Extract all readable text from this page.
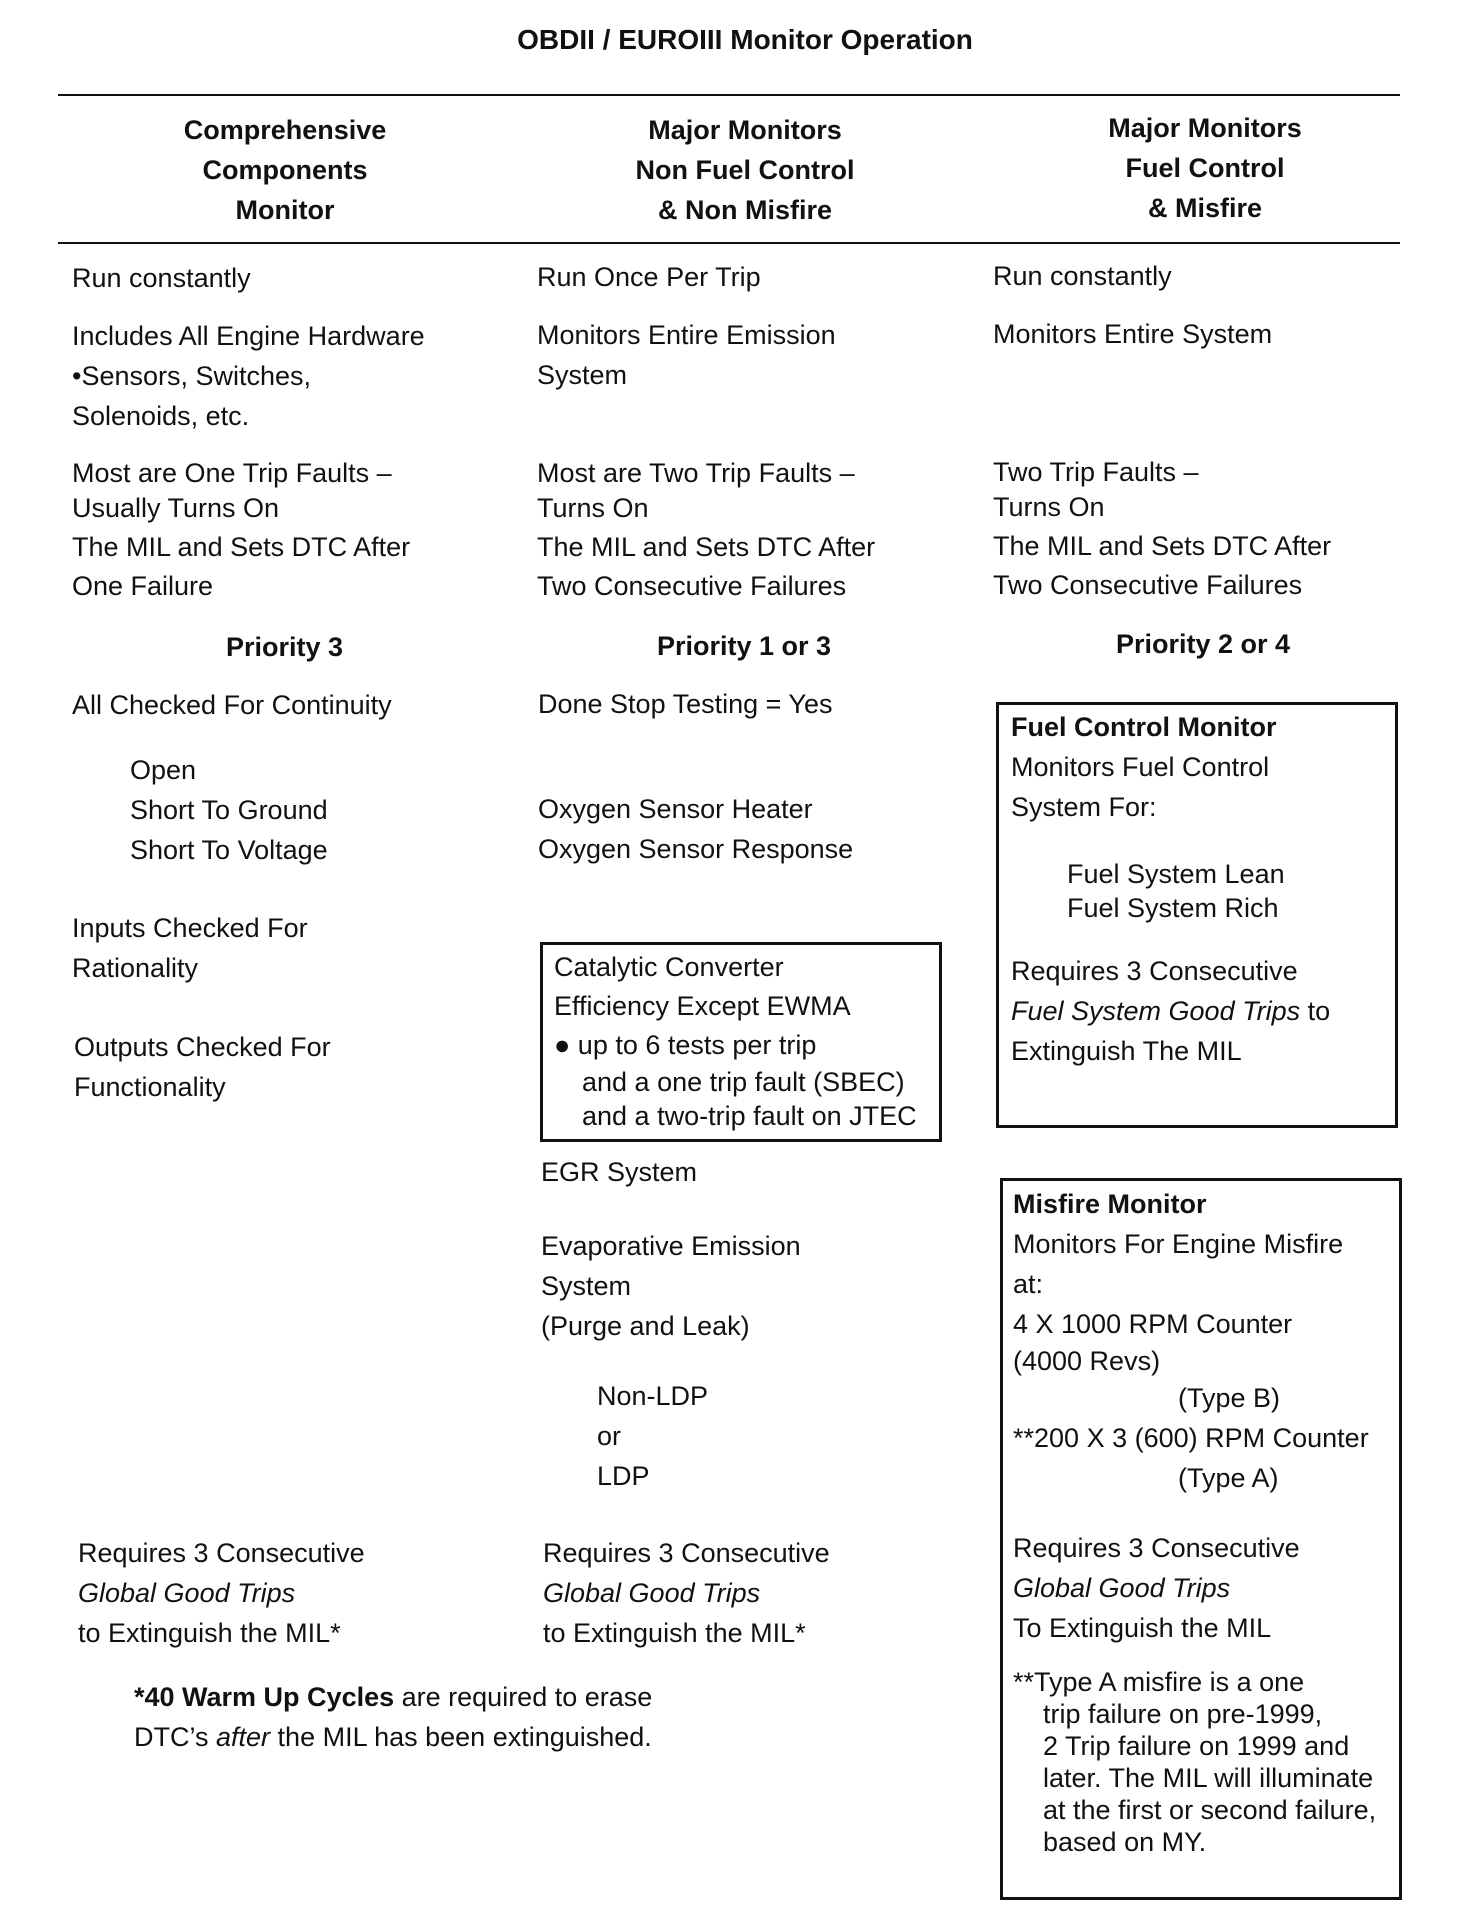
OBDII / EUROIII Monitor Operation
Comprehensive
Components
Monitor
Major Monitors
Non Fuel Control
& Non Misfire
Major Monitors
Fuel Control
& Misfire
Run constantly
Includes All Engine Hardware
•Sensors, Switches,
Solenoids, etc.
Most are One Trip Faults –
Usually Turns On
The MIL and Sets DTC After
One Failure
Priority 3
All Checked For Continuity
Open
Short To Ground
Short To Voltage
Inputs Checked For
Rationality
Outputs Checked For
Functionality
Requires 3 Consecutive
Global Good Trips
to Extinguish the MIL*
Run Once Per Trip
Monitors Entire Emission
System
Most are Two Trip Faults –
Turns On
The MIL and Sets DTC After
Two Consecutive Failures
Priority 1 or 3
Done Stop Testing = Yes
Oxygen Sensor Heater
Oxygen Sensor Response
Catalytic Converter
Efficiency Except EWMA
● up to 6 tests per trip
and a one trip fault (SBEC)
and a two-trip fault on JTEC
EGR System
Evaporative Emission
System
(Purge and Leak)
Non-LDP
or
LDP
Requires 3 Consecutive
Global Good Trips
to Extinguish the MIL*
Run constantly
Monitors Entire System
Two Trip Faults –
Turns On
The MIL and Sets DTC After
Two Consecutive Failures
Priority 2 or 4
Fuel Control Monitor
Monitors Fuel Control
System For:
Fuel System Lean
Fuel System Rich
Requires 3 Consecutive
Fuel System Good Trips to
Extinguish The MIL
Misfire Monitor
Monitors For Engine Misfire
at:
4 X 1000 RPM Counter
(4000 Revs)
(Type B)
**200 X 3 (600) RPM Counter
(Type A)
Requires 3 Consecutive
Global Good Trips
To Extinguish the MIL
**Type A misfire is a one
trip failure on pre-1999,
2 Trip failure on 1999 and
later. The MIL will illuminate
at the first or second failure,
based on MY.
*40 Warm Up Cycles are required to erase
DTC’s after the MIL has been extinguished.
